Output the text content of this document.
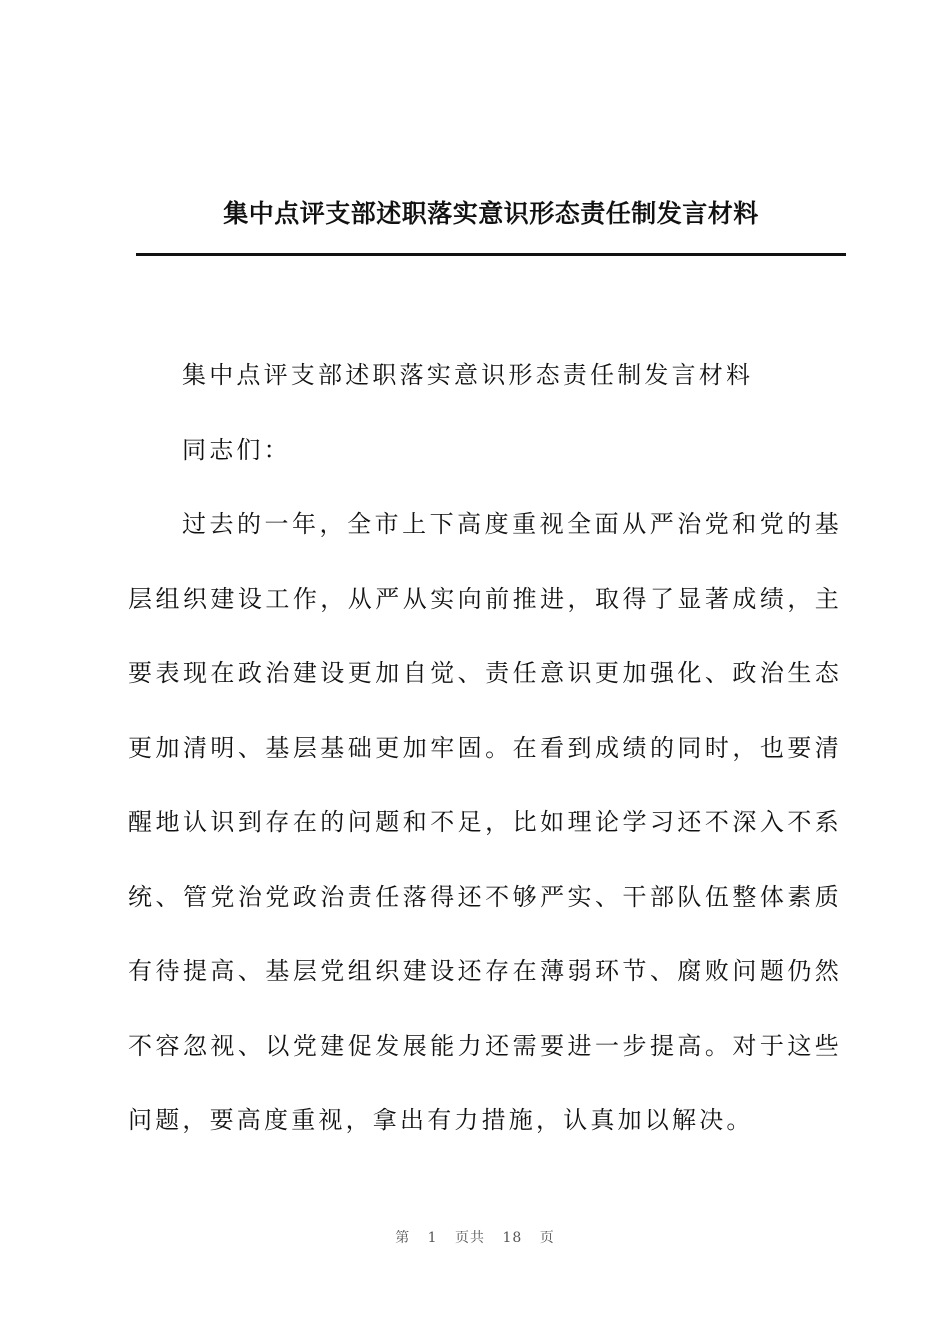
集中点评支部述职落实意识形态责任制发言材料

集中点评支部述职落实意识形态责任制发言材料

同志们：

过去的一年，全市上下高度重视全面从严治党和党的基层组织建设工作，从严从实向前推进，取得了显著成绩，主要表现在政治建设更加自觉、责任意识更加强化、政治生态更加清明、基层基础更加牢固。在看到成绩的同时，也要清醒地认识到存在的问题和不足，比如理论学习还不深入不系统、管党治党政治责任落得还不够严实、干部队伍整体素质有待提高、基层党组织建设还存在薄弱环节、腐败问题仍然不容忽视、以党建促发展能力还需要进一步提高。对于这些问题，要高度重视，拿出有力措施，认真加以解决。

第 1 页共 18 页
